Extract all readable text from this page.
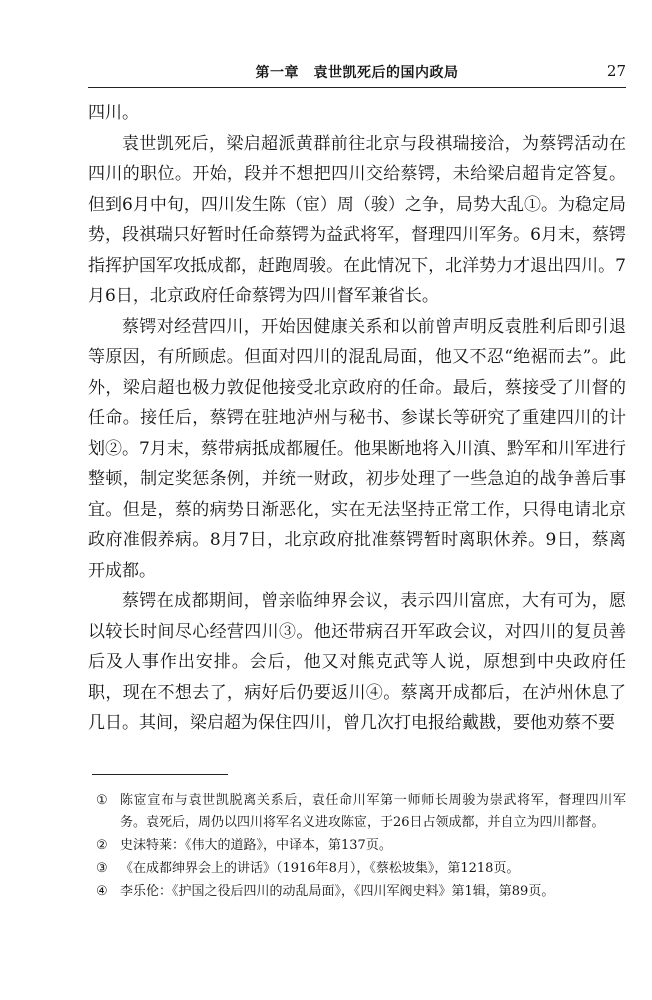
第一章　袁世凯死后的国内政局	27

四川。

袁世凯死后，梁启超派黄群前往北京与段祺瑞接洽，为蔡锷活动在四川的职位。开始，段并不想把四川交给蔡锷，未给梁启超肯定答复。但到6月中旬，四川发生陈（宦）周（骏）之争，局势大乱①。为稳定局势，段祺瑞只好暂时任命蔡锷为益武将军，督理四川军务。6月末，蔡锷指挥护国军攻抵成都，赶跑周骏。在此情况下，北洋势力才退出四川。7月6日，北京政府任命蔡锷为四川督军兼省长。

蔡锷对经营四川，开始因健康关系和以前曾声明反袁胜利后即引退等原因，有所顾虑。但面对四川的混乱局面，他又不忍“绝裾而去”。此外，梁启超也极力敦促他接受北京政府的任命。最后，蔡接受了川督的任命。接任后，蔡锷在驻地泸州与秘书、参谋长等研究了重建四川的计划②。7月末，蔡带病抵成都履任。他果断地将入川滇、黔军和川军进行整顿，制定奖惩条例，并统一财政，初步处理了一些急迫的战争善后事宜。但是，蔡的病势日渐恶化，实在无法坚持正常工作，只得电请北京政府准假养病。8月7日，北京政府批准蔡锷暂时离职休养。9日，蔡离开成都。

蔡锷在成都期间，曾亲临绅界会议，表示四川富庶，大有可为，愿以较长时间尽心经营四川③。他还带病召开军政会议，对四川的复员善后及人事作出安排。会后，他又对熊克武等人说，原想到中央政府任职，现在不想去了，病好后仍要返川④。蔡离开成都后，在泸州休息了几日。其间，梁启超为保住四川，曾几次打电报给戴戡，要他劝蔡不要

① 陈宧宣布与袁世凯脱离关系后，袁任命川军第一师师长周骏为崇武将军，督理四川军务。袁死后，周仍以四川将军名义进攻陈宧，于26日占领成都，并自立为四川都督。
② 史沫特莱：《伟大的道路》，中译本，第137页。
③ 《在成都绅界会上的讲话》（1916年8月），《蔡松坡集》，第1218页。
④ 李乐伦：《护国之役后四川的动乱局面》，《四川军阀史料》第1辑，第89页。
